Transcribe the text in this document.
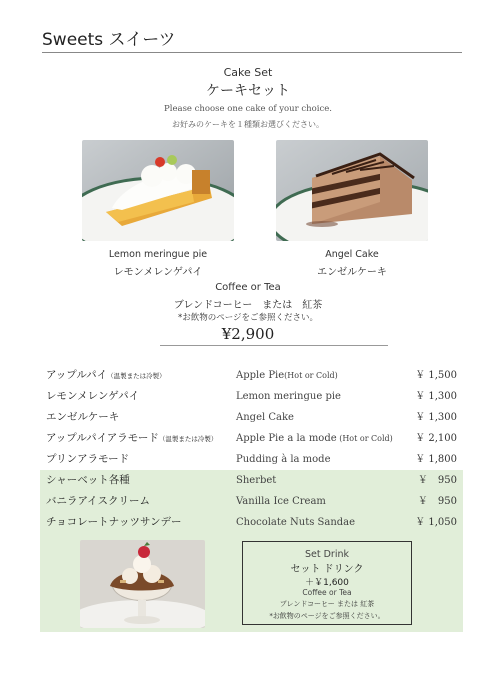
Sweets スイーツ
Cake Set
ケーキセット
Please choose one cake of your choice.
お好みのケーキを１種類お選びください。
Lemon meringue pie
レモンメレンゲパイ
Angel Cake
エンゼルケーキ
Coffee or Tea
ブレンドコーヒー　または　紅茶
*お飲物のページをご参照ください。
¥2,900
アップルパイ（温製または冷製）	Apple Pie(Hot or Cold)	￥ 1,500
レモンメレンゲパイ	Lemon meringue pie	￥ 1,300
エンゼルケーキ	Angel Cake	￥ 1,300
アップルパイアラモード（温製または冷製） Apple Pie a la mode (Hot or Cold) ￥ 2,100
プリンアラモード	Pudding à la mode	￥ 1,800
シャーベット各種	Sherbet	￥　950
バニラアイスクリーム	Vanilla Ice Cream	￥　950
チョコレートナッツサンデー	Chocolate Nuts Sandae	￥ 1,050
Set Drink
セット ドリンク
＋￥1,600
Coffee or Tea
ブレンドコーヒー または 紅茶
*お飲物のページをご参照ください。
